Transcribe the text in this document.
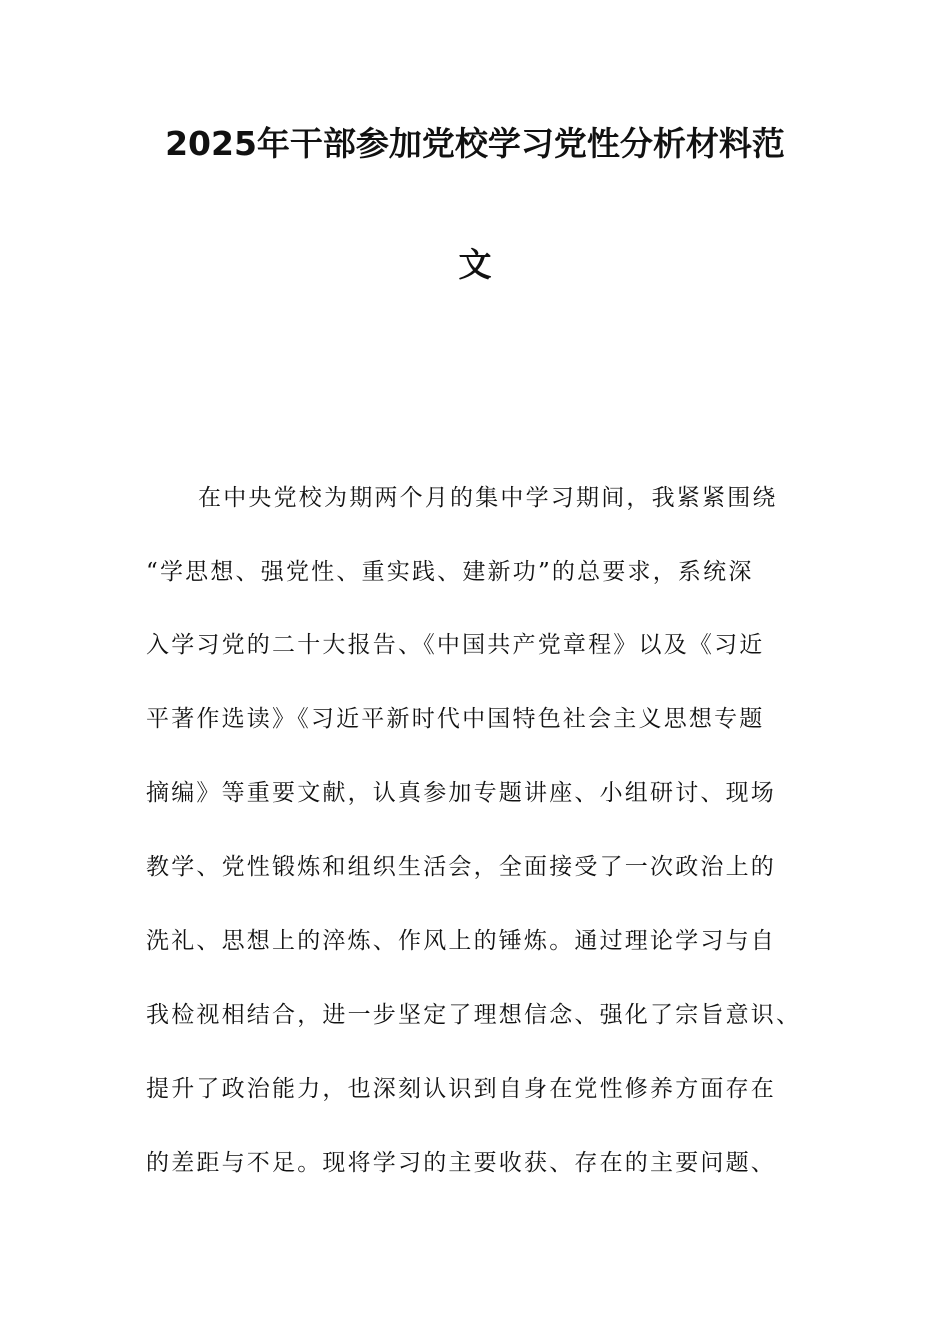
2025年干部参加党校学习党性分析材料范
文

在中央党校为期两个月的集中学习期间，我紧紧围绕

“学思想、强党性、重实践、建新功”的总要求，系统深

入学习党的二十大报告、《中国共产党章程》以及《习近

平著作选读》《习近平新时代中国特色社会主义思想专题

摘编》等重要文献，认真参加专题讲座、小组研讨、现场

教学、党性锻炼和组织生活会，全面接受了一次政治上的

洗礼、思想上的淬炼、作风上的锤炼。通过理论学习与自

我检视相结合，进一步坚定了理想信念、强化了宗旨意识、

提升了政治能力，也深刻认识到自身在党性修养方面存在

的差距与不足。现将学习的主要收获、存在的主要问题、
